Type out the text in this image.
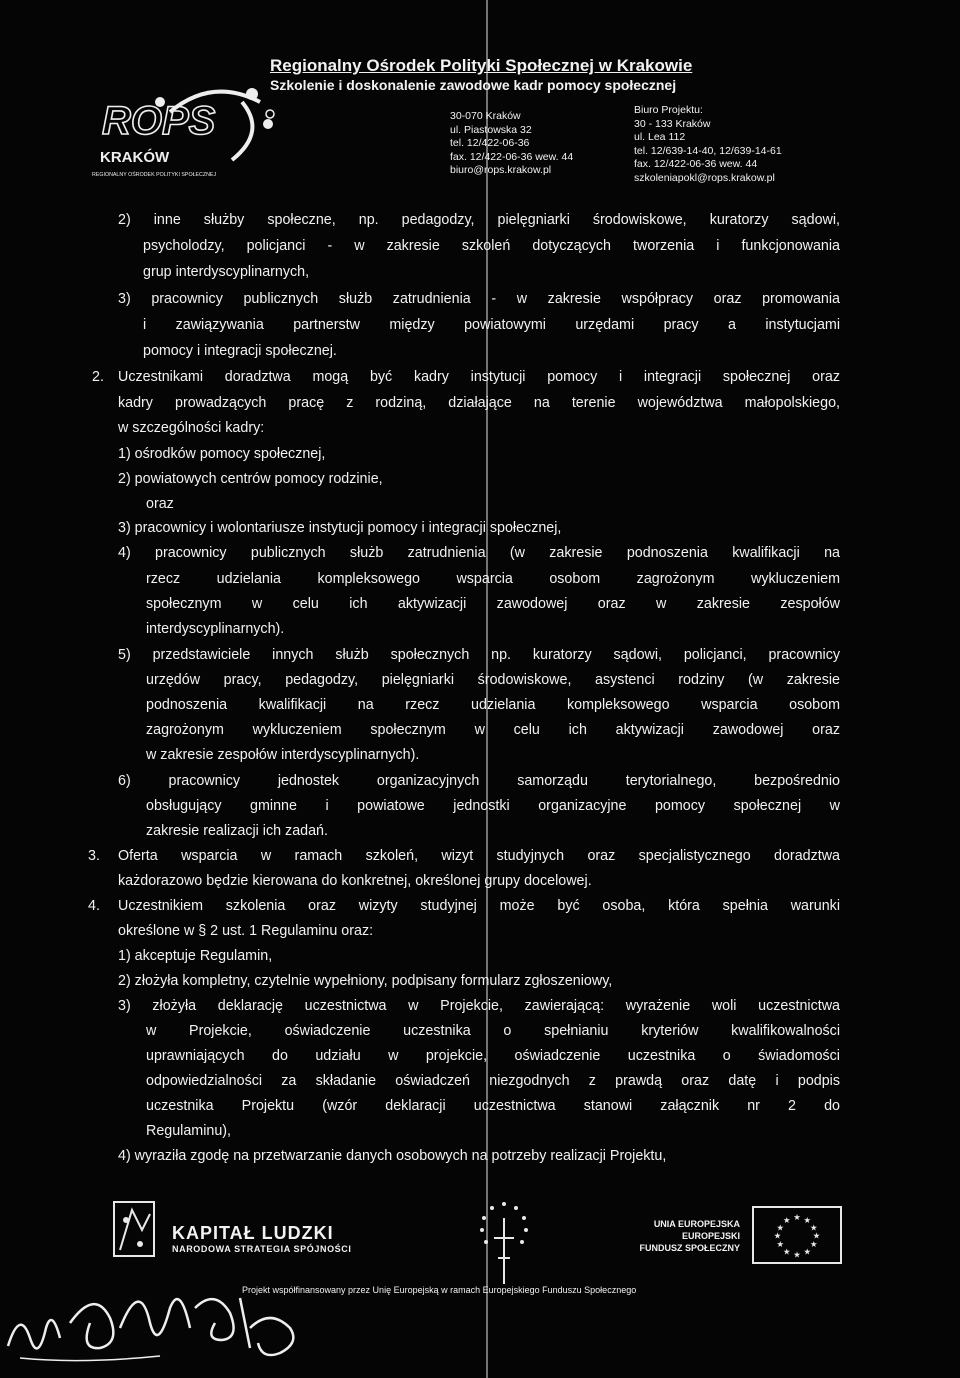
ROPS
KRAKÓW
REGIONALNY OŚRODEK POLITYKI SPOŁECZNEJ
Regionalny Ośrodek Polityki Społecznej w Krakowie
Szkolenie i doskonalenie zawodowe kadr pomocy społecznej
30-070 Kraków
ul. Piastowska 32
tel. 12/422-06-36
fax. 12/422-06-36 wew. 44
biuro@rops.krakow.pl
Biuro Projektu:
30 - 133 Kraków
ul. Lea 112
tel. 12/639-14-40, 12/639-14-61
fax. 12/422-06-36 wew. 44
szkoleniapokl@rops.krakow.pl
2) inne służby społeczne, np. pedagodzy, pielęgniarki środowiskowe, kuratorzy sądowi,
psycholodzy, policjanci - w zakresie szkoleń dotyczących tworzenia i funkcjonowania
grup interdyscyplinarnych,
3) pracownicy publicznych służb zatrudnienia - w zakresie współpracy oraz promowania
i zawiązywania partnerstw między powiatowymi urzędami pracy a instytucjami
pomocy i integracji społecznej.
2. Uczestnikami doradztwa mogą być kadry instytucji pomocy i integracji społecznej oraz
kadry prowadzących pracę z rodziną, działające na terenie województwa małopolskiego,
w szczególności kadry:
1) ośrodków pomocy społecznej,
2) powiatowych centrów pomocy rodzinie,
oraz
3) pracownicy i wolontariusze instytucji pomocy i integracji społecznej,
4) pracownicy publicznych służb zatrudnienia (w zakresie podnoszenia kwalifikacji na
rzecz udzielania kompleksowego wsparcia osobom zagrożonym wykluczeniem
społecznym w celu ich aktywizacji zawodowej oraz w zakresie zespołów
interdyscyplinarnych).
5) przedstawiciele innych służb społecznych np. kuratorzy sądowi, policjanci, pracownicy
urzędów pracy, pedagodzy, pielęgniarki środowiskowe, asystenci rodziny (w zakresie
podnoszenia kwalifikacji na rzecz udzielania kompleksowego wsparcia osobom
zagrożonym wykluczeniem społecznym w celu ich aktywizacji zawodowej oraz
w zakresie zespołów interdyscyplinarnych).
6) pracownicy jednostek organizacyjnych samorządu terytorialnego, bezpośrednio
obsługujący gminne i powiatowe jednostki organizacyjne pomocy społecznej w
zakresie realizacji ich zadań.
3. Oferta wsparcia w ramach szkoleń, wizyt studyjnych oraz specjalistycznego doradztwa
każdorazowo będzie kierowana do konkretnej, określonej grupy docelowej.
4. Uczestnikiem szkolenia oraz wizyty studyjnej może być osoba, która spełnia warunki
określone w § 2 ust. 1 Regulaminu oraz:
1) akceptuje Regulamin,
2) złożyła kompletny, czytelnie wypełniony, podpisany formularz zgłoszeniowy,
3) złożyła deklarację uczestnictwa w Projekcie, zawierającą: wyrażenie woli uczestnictwa
w Projekcie, oświadczenie uczestnika o spełnianiu kryteriów kwalifikowalności
uprawniających do udziału w projekcie, oświadczenie uczestnika o świadomości
odpowiedzialności za składanie oświadczeń niezgodnych z prawdą oraz datę i podpis
uczestnika Projektu (wzór deklaracji uczestnictwa stanowi załącznik nr 2 do
Regulaminu),
4) wyraziła zgodę na przetwarzanie danych osobowych na potrzeby realizacji Projektu,
KAPITAŁ LUDZKI
NARODOWA STRATEGIA SPÓJNOŚCI
UNIA EUROPEJSKA
EUROPEJSKI
FUNDUSZ SPOŁECZNY
★ ★
★
★
★
★
★
★
★
★
★
★
Projekt współfinansowany przez Unię Europejską w ramach Europejskiego Funduszu Społecznego
